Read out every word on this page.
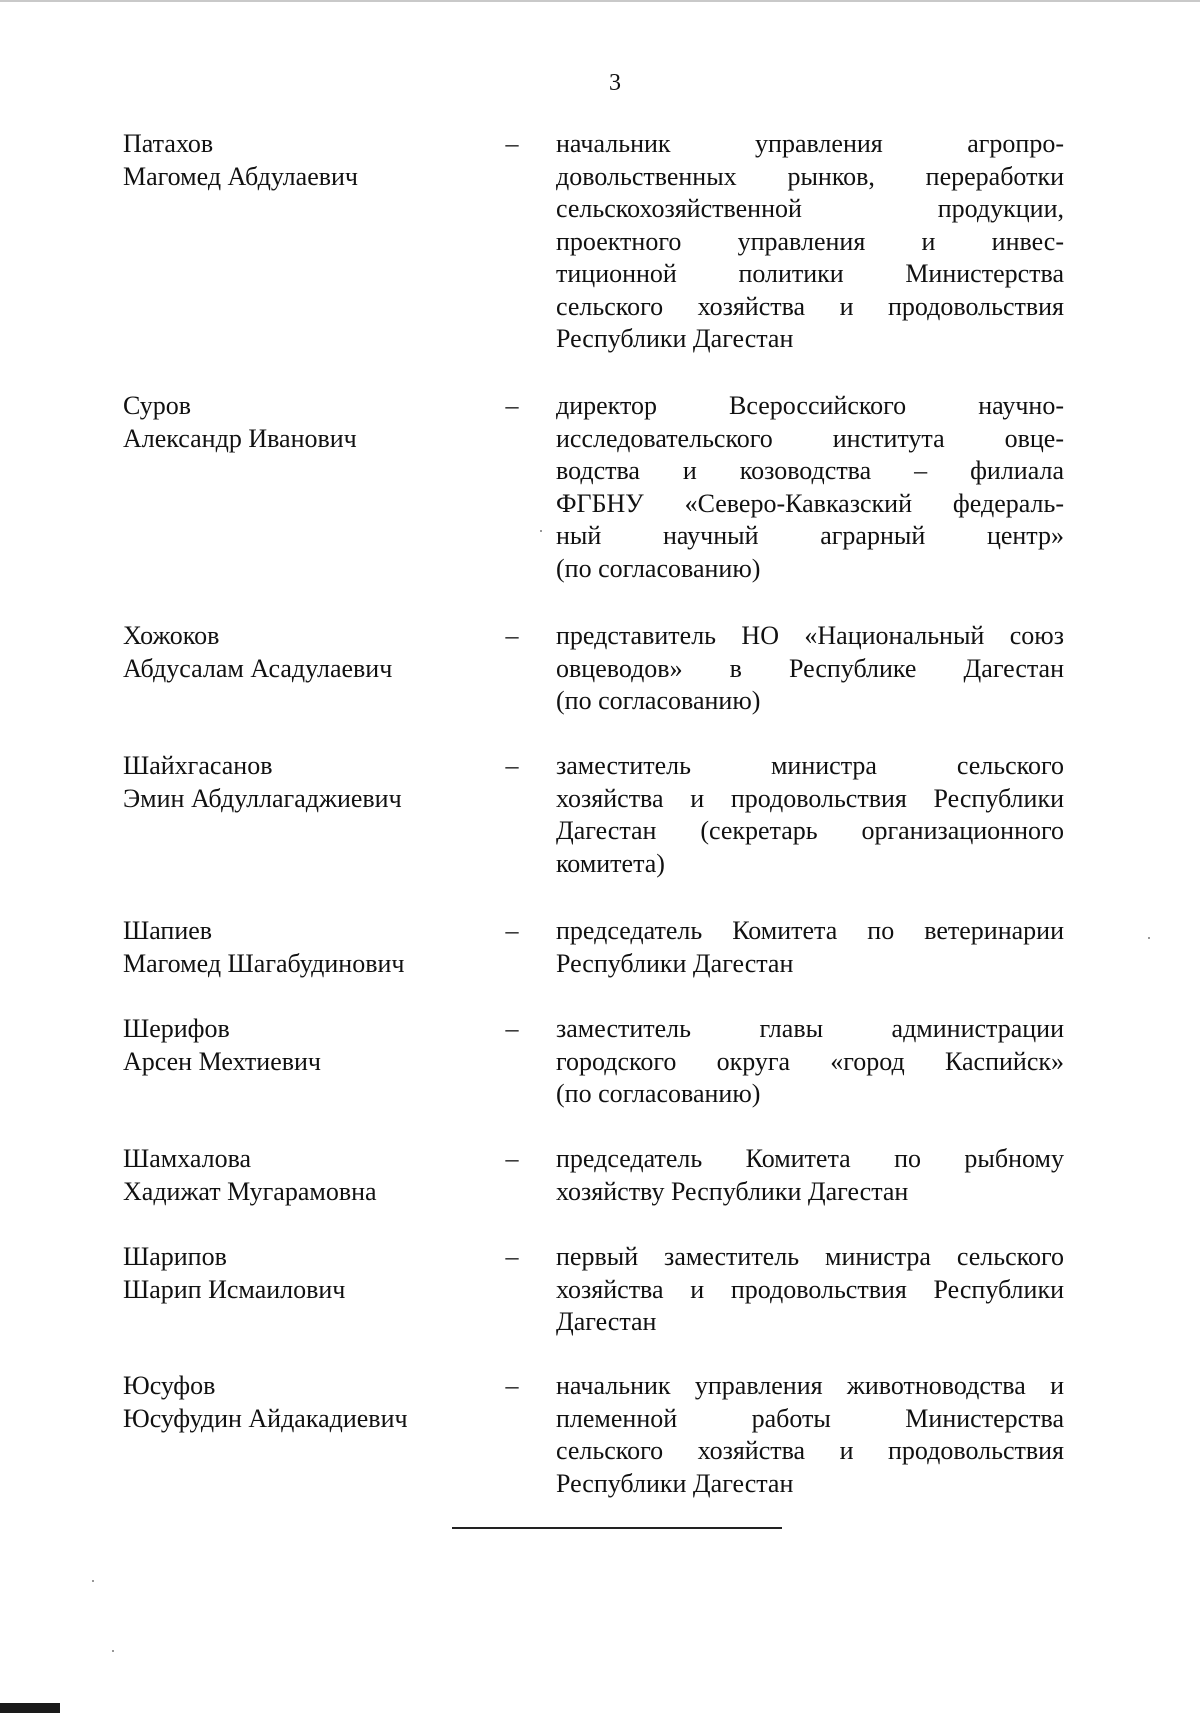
3
Патахов
Магомед Абдулаевич
–	начальник управления агропро-
довольственных рынков, переработки
сельскохозяйственной продукции,
проектного управления и инвес-
тиционной политики Министерства
сельского хозяйства и продовольствия
Республики Дагестан
Суров
Александр Иванович
–	директор Всероссийского научно-
исследовательского института овце-
водства и козоводства – филиала
ФГБНУ «Северо-Кавказский федераль-
ный научный аграрный центр»
(по согласованию)
Хожоков
Абдусалам Асадулаевич
–	представитель НО «Национальный союз
овцеводов» в Республике Дагестан
(по согласованию)
Шайхгасанов
Эмин Абдуллагаджиевич
–	заместитель министра сельского
хозяйства и продовольствия Республики
Дагестан (секретарь организационного
комитета)
Шапиев
Магомед Шагабудинович
–	председатель Комитета по ветеринарии
Республики Дагестан
Шерифов
Арсен Мехтиевич
–	заместитель главы администрации
городского округа «город Каспийск»
(по согласованию)
Шамхалова
Хадижат Мугарамовна
–	председатель Комитета по рыбному
хозяйству Республики Дагестан
Шарипов
Шарип Исмаилович
–	первый заместитель министра сельского
хозяйства и продовольствия Республики
Дагестан
Юсуфов
Юсуфудин Айдакадиевич
–	начальник управления животноводства и
племенной работы Министерства
сельского хозяйства и продовольствия
Республики Дагестан
